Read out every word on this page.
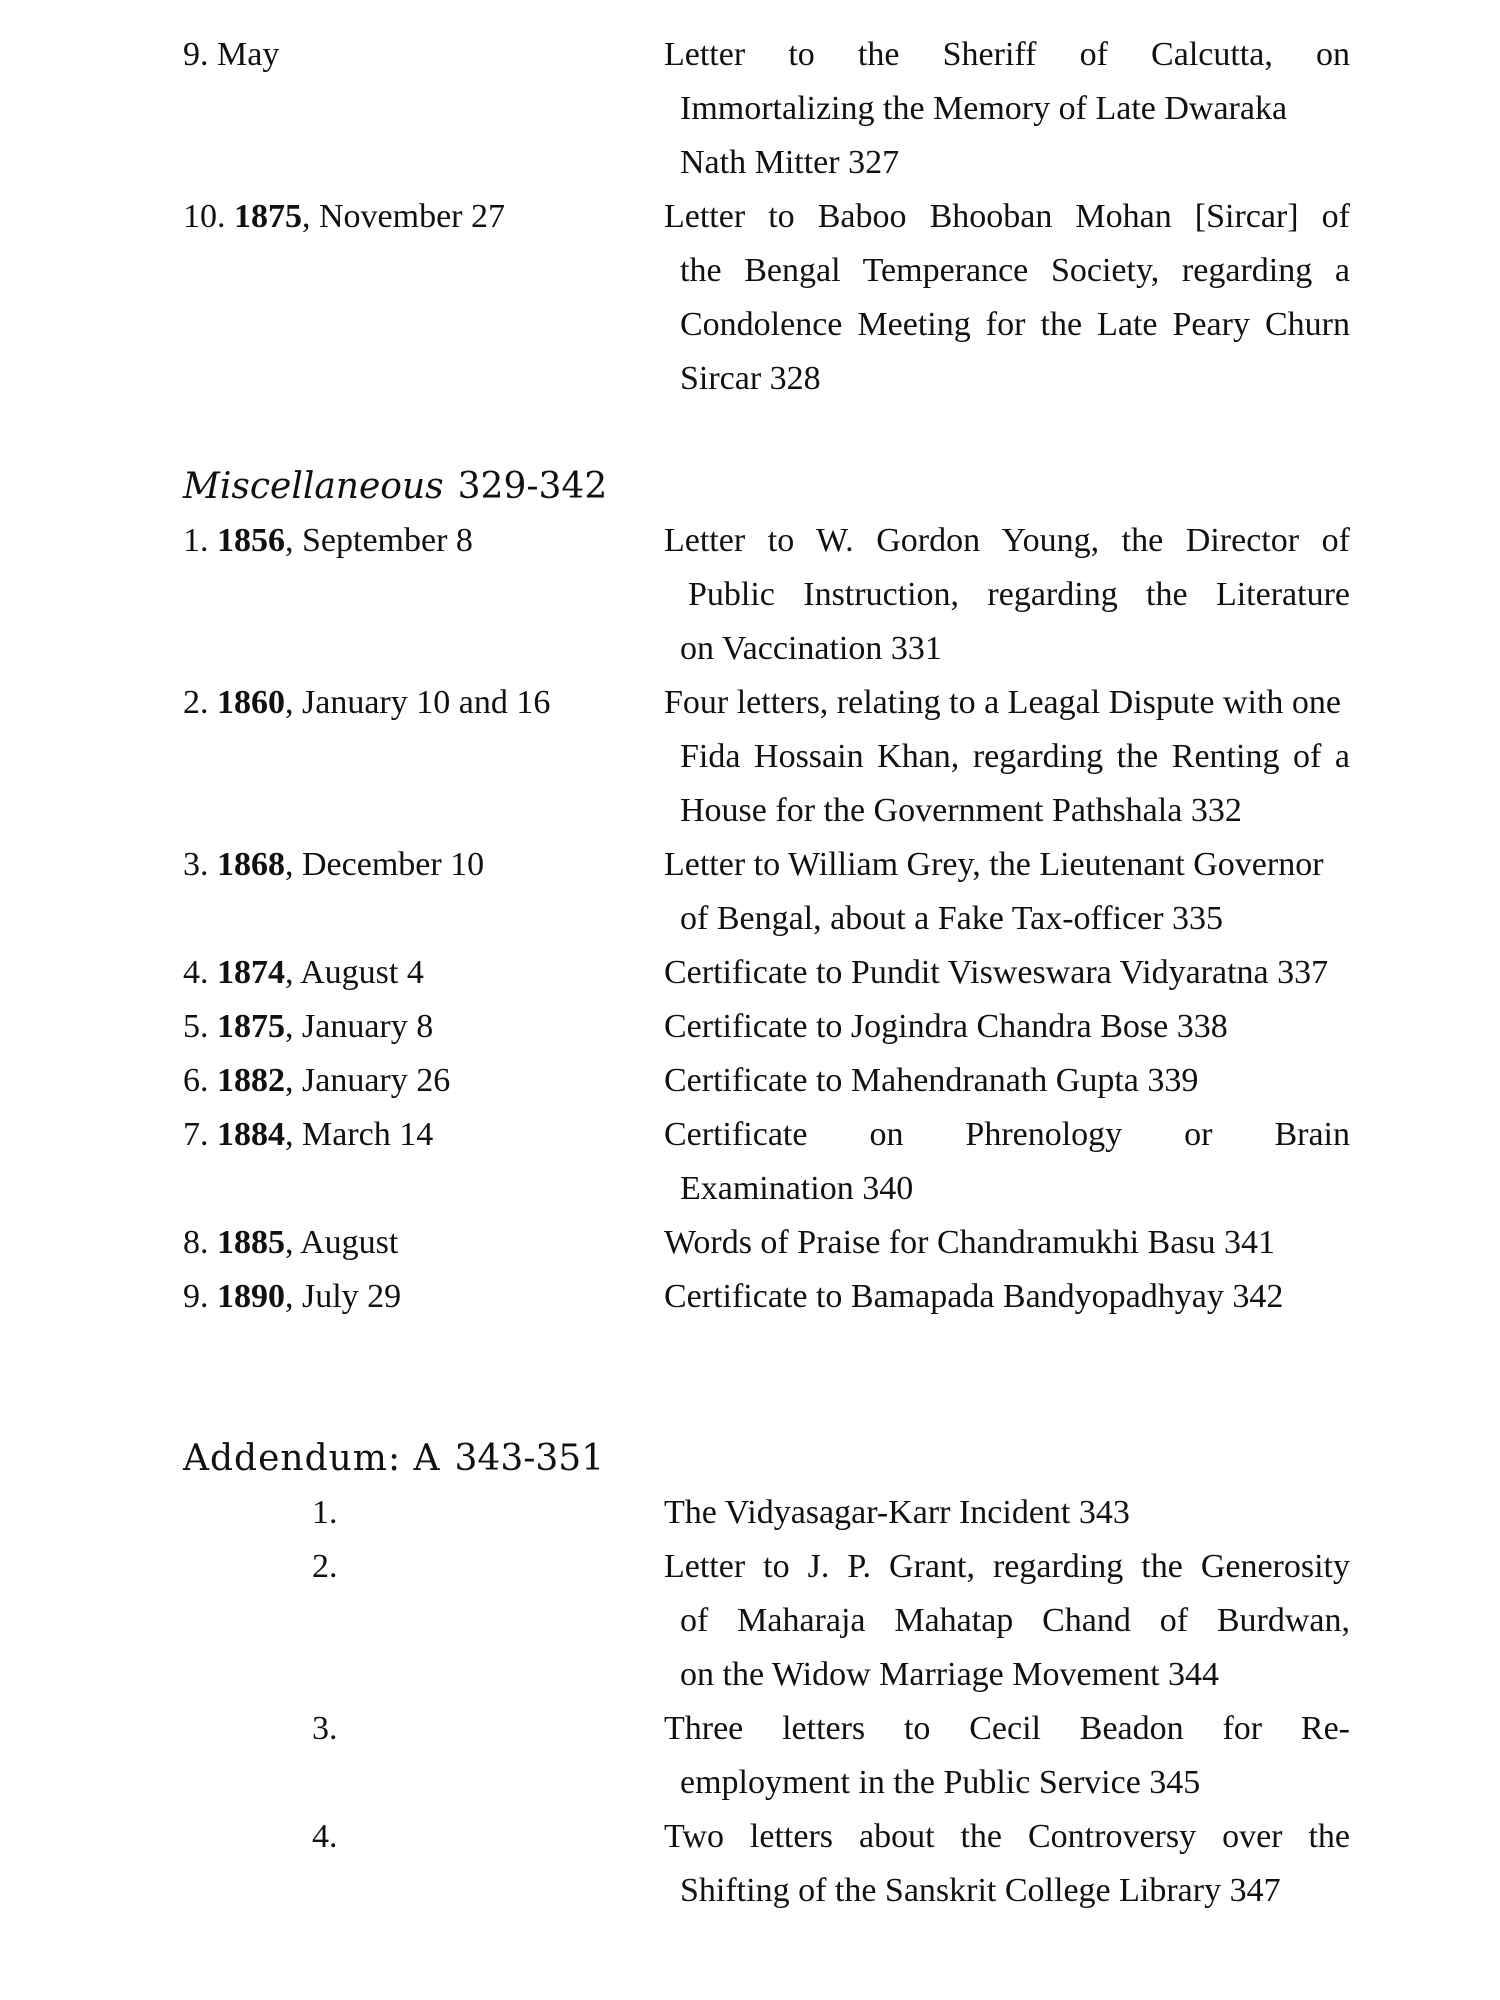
9. May	Letter to the Sheriff of Calcutta, on
Immortalizing the Memory of Late Dwaraka
Nath Mitter 327
10. 1875, November 27	Letter to Baboo Bhooban Mohan [Sircar] of
the Bengal Temperance Society, regarding a
Condolence Meeting for the Late Peary Churn
Sircar 328
Miscellaneous 329-342
1. 1856, September 8	Letter to W. Gordon Young, the Director of
Public Instruction, regarding the Literature
on Vaccination 331
2. 1860, January 10 and 16	Four letters, relating to a Leagal Dispute with one
Fida Hossain Khan, regarding the Renting of a
House for the Government Pathshala 332
3. 1868, December 10	Letter to William Grey, the Lieutenant Governor
of Bengal, about a Fake Tax-officer 335
4. 1874, August 4	Certificate to Pundit Visweswara Vidyaratna 337
5. 1875, January 8	Certificate to Jogindra Chandra Bose 338
6. 1882, January 26	Certificate to Mahendranath Gupta 339
7. 1884, March 14	Certificate on Phrenology or Brain
Examination 340
8. 1885, August	Words of Praise for Chandramukhi Basu 341
9. 1890, July 29	Certificate to Bamapada Bandyopadhyay 342
Addendum: A 343-351
1.	The Vidyasagar-Karr Incident 343
2.	Letter to J. P. Grant, regarding the Generosity
of Maharaja Mahatap Chand of Burdwan,
on the Widow Marriage Movement 344
3.	Three letters to Cecil Beadon for Re-
employment in the Public Service 345
4.	Two letters about the Controversy over the
Shifting of the Sanskrit College Library 347
